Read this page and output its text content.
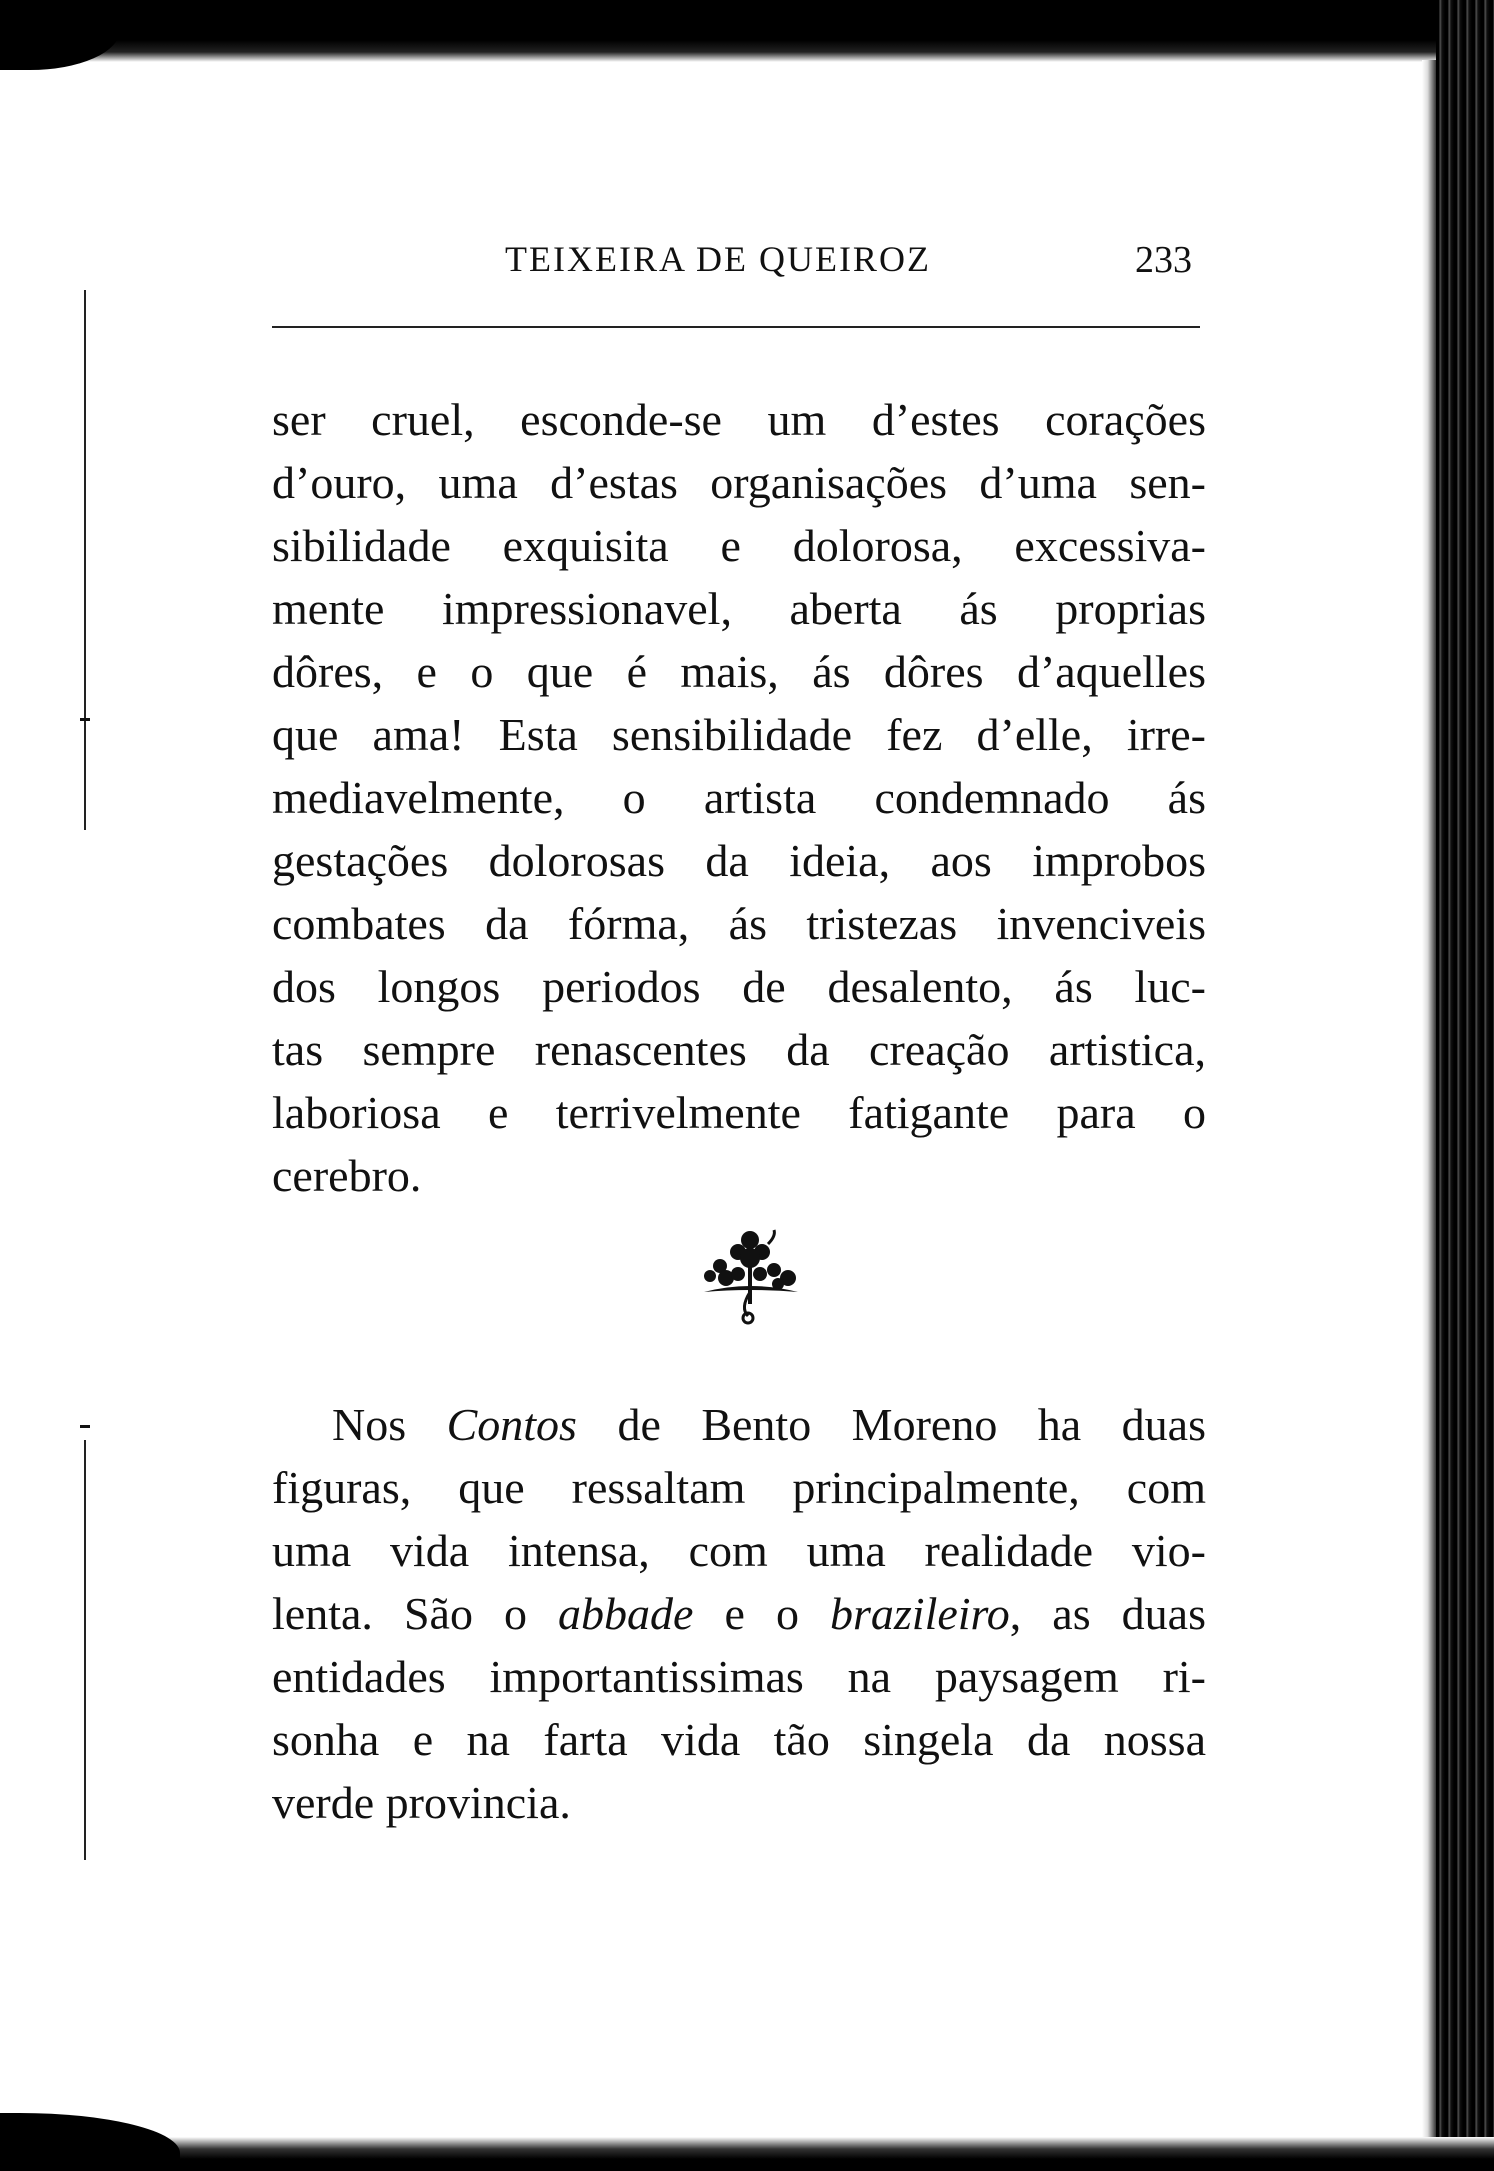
TEIXEIRA DE QUEIROZ	233
ser cruel, esconde-se um d’estes corações
d’ouro, uma d’estas organisações d’uma sen-
sibilidade exquisita e dolorosa, excessiva-
mente impressionavel, aberta ás proprias
dôres, e o que é mais, ás dôres d’aquelles
que ama! Esta sensibilidade fez d’elle, irre-
mediavelmente, o artista condemnado ás
gestações dolorosas da ideia, aos improbos
combates da fórma, ás tristezas invenciveis
dos longos periodos de desalento, ás luc-
tas sempre renascentes da creação artistica,
laboriosa e terrivelmente fatigante para o
cerebro.
Nos Contos de Bento Moreno ha duas
figuras, que ressaltam principalmente, com
uma vida intensa, com uma realidade vio-
lenta. São o abbade e o brazileiro, as duas
entidades importantissimas na paysagem ri-
sonha e na farta vida tão singela da nossa
verde provincia.
